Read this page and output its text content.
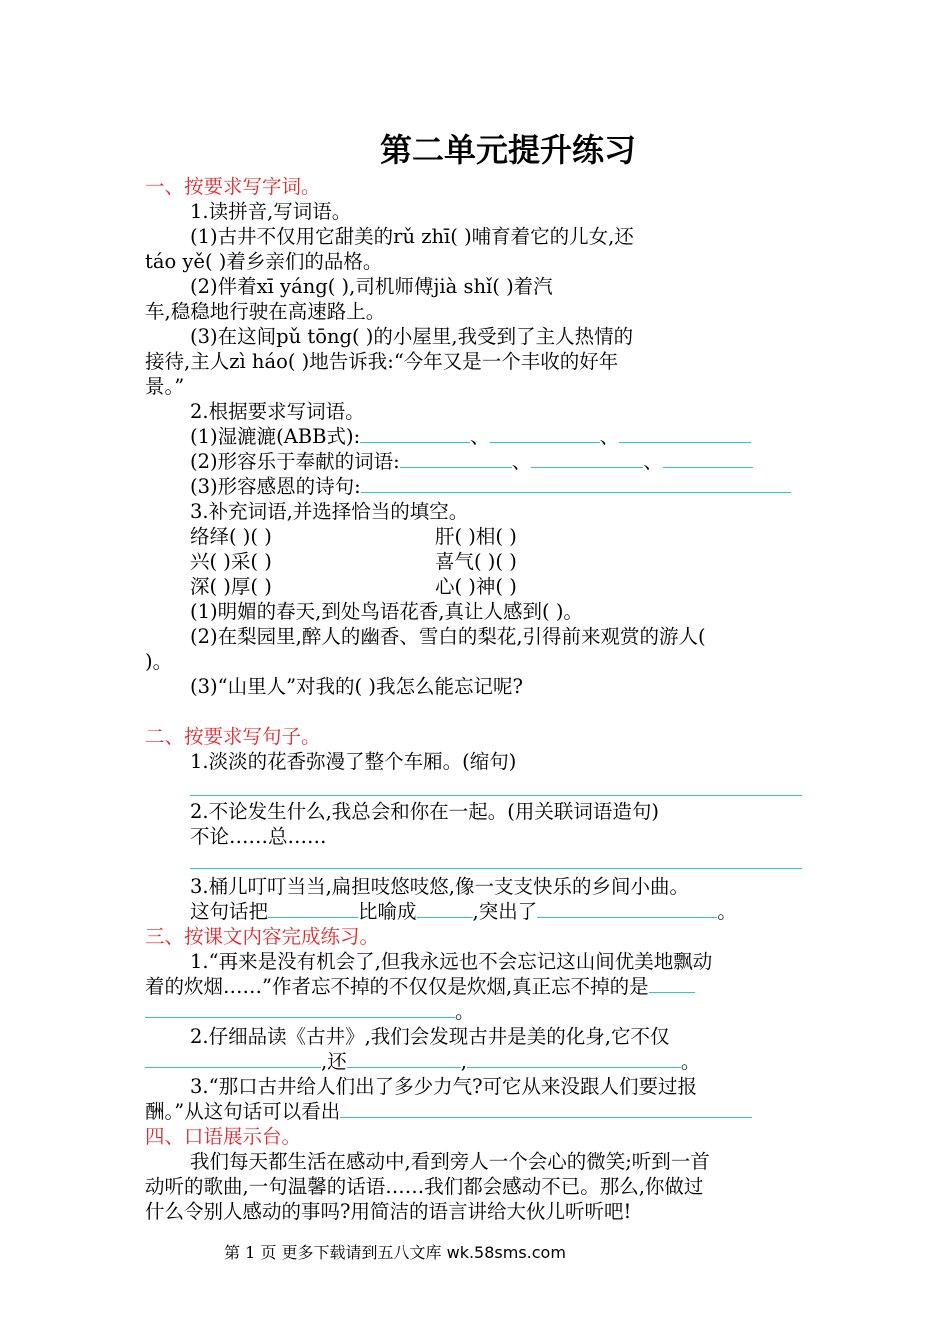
第二单元提升练习
一、按要求写字词。
1.读拼音,写词语。
(1)古井不仅用它甜美的rǔ zhī( )哺育着它的儿女,还
táo yě( )着乡亲们的品格。
(2)伴着xī yáng( ),司机师傅jià shǐ( )着汽
车,稳稳地行驶在高速路上。
(3)在这间pǔ tōng( )的小屋里,我受到了主人热情的
接待,主人zì háo( )地告诉我:“今年又是一个丰收的好年
景。”
2.根据要求写词语。
(1)湿漉漉(ABB式):	、	、
(2)形容乐于奉献的词语:	、	、
(3)形容感恩的诗句:
3.补充词语,并选择恰当的填空。
络绎( )( )	肝( )相( )
兴( )采( )	喜气( )( )
深( )厚( )	心( )神( )
(1)明媚的春天,到处鸟语花香,真让人感到( )。
(2)在梨园里,醉人的幽香、雪白的梨花,引得前来观赏的游人(
)。
(3)“山里人”对我的( )我怎么能忘记呢?
二、按要求写句子。
1.淡淡的花香弥漫了整个车厢。(缩句)
2.不论发生什么,我总会和你在一起。(用关联词语造句)
不论……总……
3.桶儿叮叮当当,扁担吱悠吱悠,像一支支快乐的乡间小曲。
这句话把	比喻成	,突出了	。
三、按课文内容完成练习。
1.“再来是没有机会了,但我永远也不会忘记这山间优美地飘动
着的炊烟……”作者忘不掉的不仅仅是炊烟,真正忘不掉的是
。
2.仔细品读《古井》,我们会发现古井是美的化身,它不仅
,还	,	。
3.“那口古井给人们出了多少力气?可它从来没跟人们要过报
酬。”从这句话可以看出
四、口语展示台。
我们每天都生活在感动中,看到旁人一个会心的微笑;听到一首
动听的歌曲,一句温馨的话语……我们都会感动不已。那么,你做过
什么令别人感动的事吗?用简洁的语言讲给大伙儿听听吧!
第 1 页 更多下载请到五八文库 wk.58sms.com
